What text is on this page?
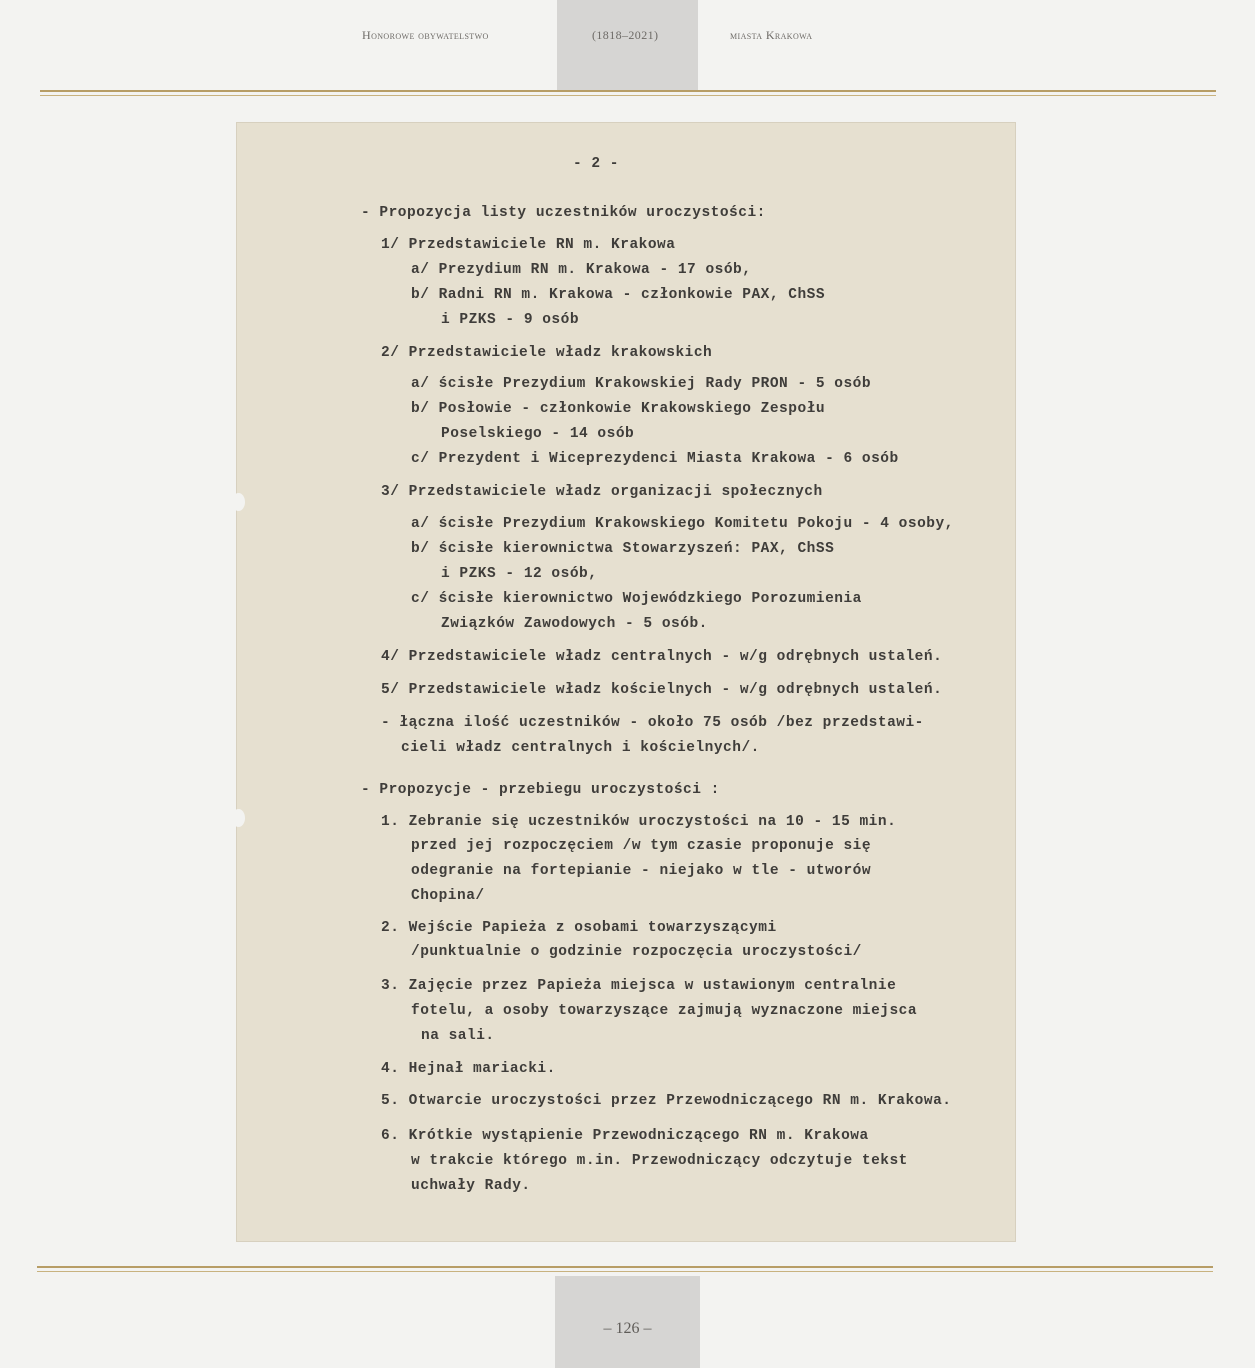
Honorowe obywatelstwo	(1818–2021)	miasta Krakowa
- 2 -
- Propozycja listy uczestników uroczystości:
1/ Przedstawiciele RN m. Krakowa
a/ Prezydium RN m. Krakowa - 17 osób,
b/ Radni RN m. Krakowa - członkowie PAX, ChSS
i PZKS - 9 osób
2/ Przedstawiciele władz krakowskich
a/ ścisłe Prezydium Krakowskiej Rady PRON - 5 osób
b/ Posłowie - członkowie Krakowskiego Zespołu
Poselskiego - 14 osób
c/ Prezydent i Wiceprezydenci Miasta Krakowa - 6 osób
3/ Przedstawiciele władz organizacji społecznych
a/ ścisłe Prezydium Krakowskiego Komitetu Pokoju - 4 osoby,
b/ ścisłe kierownictwa Stowarzyszeń: PAX, ChSS
i PZKS - 12 osób,
c/ ścisłe kierownictwo Wojewódzkiego Porozumienia
Związków Zawodowych - 5 osób.
4/ Przedstawiciele władz centralnych - w/g odrębnych ustaleń.
5/ Przedstawiciele władz kościelnych - w/g odrębnych ustaleń.
- łączna ilość uczestników - około 75 osób /bez przedstawi-
cieli władz centralnych i kościelnych/.
- Propozycje - przebiegu uroczystości :
1. Zebranie się uczestników uroczystości na 10 - 15 min.
przed jej rozpoczęciem /w tym czasie proponuje się
odegranie na fortepianie - niejako w tle - utworów
Chopina/
2. Wejście Papieża z osobami towarzyszącymi
/punktualnie o godzinie rozpoczęcia uroczystości/
3. Zajęcie przez Papieża miejsca w ustawionym centralnie
fotelu, a osoby towarzyszące zajmują wyznaczone miejsca
na sali.
4. Hejnał mariacki.
5. Otwarcie uroczystości przez Przewodniczącego RN m. Krakowa.
6. Krótkie wystąpienie Przewodniczącego RN m. Krakowa
w trakcie którego m.in. Przewodniczący odczytuje tekst
uchwały Rady.
– 126 –
